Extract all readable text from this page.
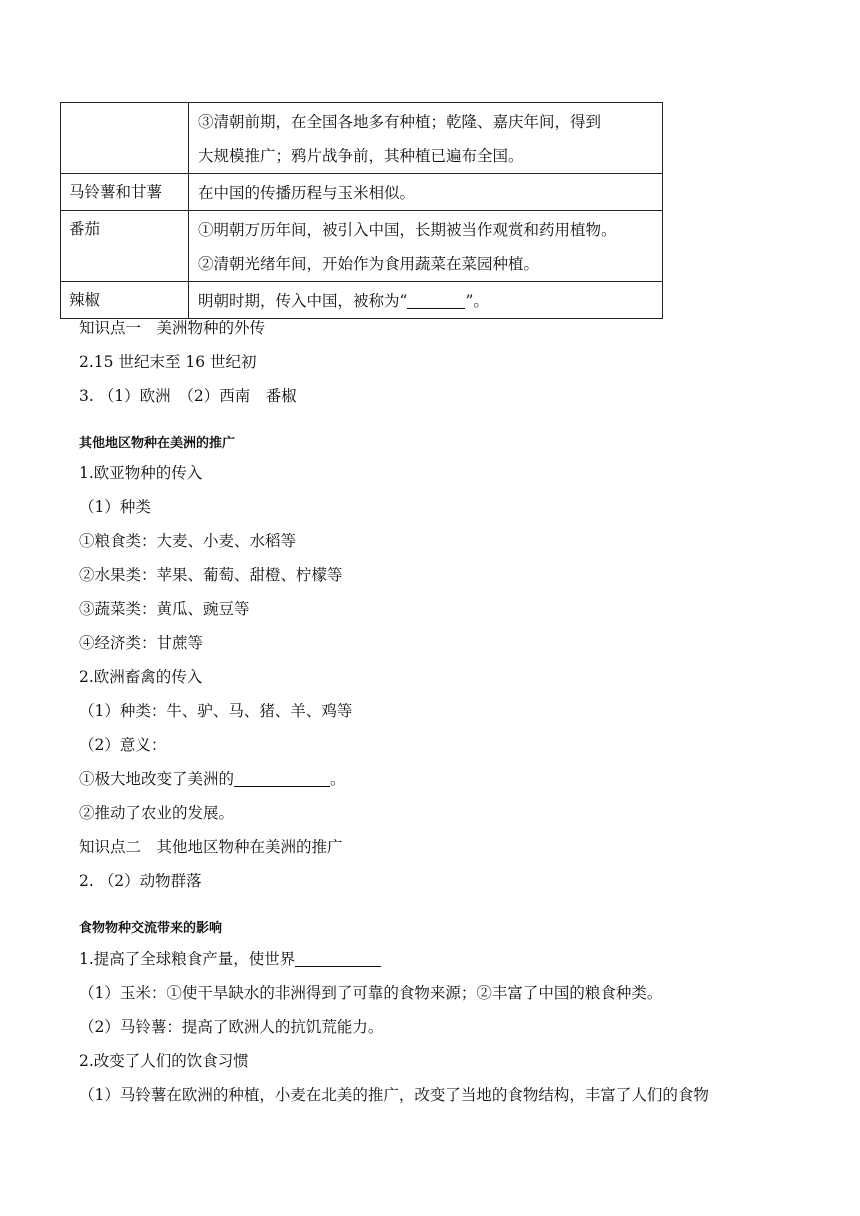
	③清朝前期，在全国各地多有种植；乾隆、嘉庆年间，得到
大规模推广；鸦片战争前，其种植已遍布全国。

马铃薯和甘薯	在中国的传播历程与玉米相似。

番茄	①明朝万历年间，被引入中国，长期被当作观赏和药用植物。
②清朝光绪年间，开始作为食用蔬菜在菜园种植。

辣椒	明朝时期，传入中国，被称为“ ”。
知识点一　美洲物种的外传
2.15 世纪末至 16 世纪初
3. （1）欧洲　（2）西南　番椒
其他地区物种在美洲的推广
1.欧亚物种的传入
（1）种类
①粮食类：大麦、小麦、水稻等
②水果类：苹果、葡萄、甜橙、柠檬等
③蔬菜类：黄瓜、豌豆等
④经济类：甘蔗等
2.欧洲畜禽的传入
（1）种类：牛、驴、马、猪、羊、鸡等
（2）意义：
①极大地改变了美洲的	。
②推动了农业的发展。
知识点二　其他地区物种在美洲的推广
2. （2）动物群落
食物物种交流带来的影响
1.提高了全球粮食产量，使世界
（1）玉米：①使干旱缺水的非洲得到了可靠的食物来源；②丰富了中国的粮食种类。
（2）马铃薯：提高了欧洲人的抗饥荒能力。
2.改变了人们的饮食习惯
（1）马铃薯在欧洲的种植，小麦在北美的推广，改变了当地的食物结构，丰富了人们的食物
